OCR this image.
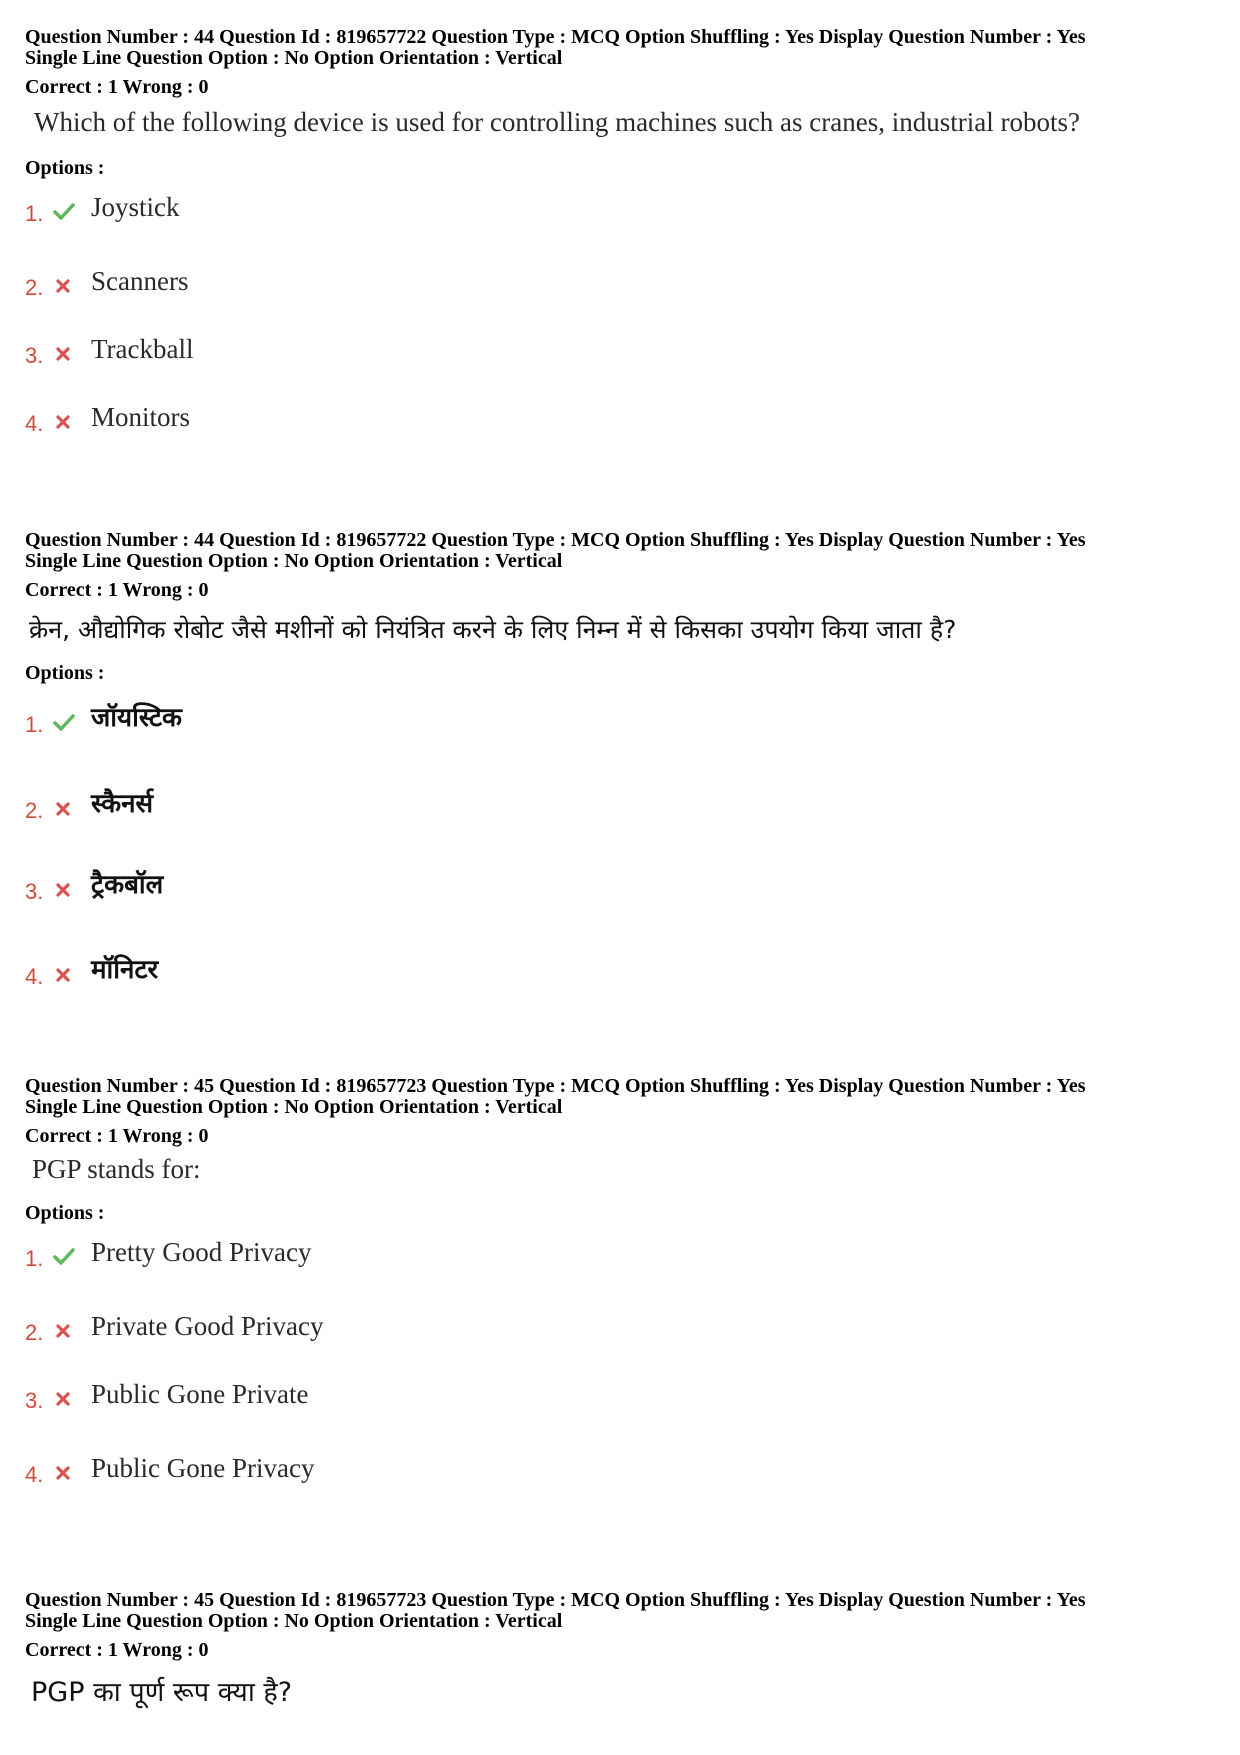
Question Number : 44 Question Id : 819657722 Question Type : MCQ Option Shuffling : Yes Display Question Number : Yes
Single Line Question Option : No Option Orientation : Vertical
Correct : 1 Wrong : 0
Which of the following device is used for controlling machines such as cranes, industrial robots?
Options :
1. Joystick
2. Scanners
3. Trackball
4. Monitors
Question Number : 44 Question Id : 819657722 Question Type : MCQ Option Shuffling : Yes Display Question Number : Yes
Single Line Question Option : No Option Orientation : Vertical
Correct : 1 Wrong : 0
क्रेन, औद्योगिक रोबोट जैसे मशीनों को नियंत्रित करने के लिए निम्न में से किसका उपयोग किया जाता है?
Options :
1. जॉयस्टिक
2. स्कैनर्स
3. ट्रैकबॉल
4. मॉनिटर
Question Number : 45 Question Id : 819657723 Question Type : MCQ Option Shuffling : Yes Display Question Number : Yes
Single Line Question Option : No Option Orientation : Vertical
Correct : 1 Wrong : 0
PGP stands for:
Options :
1. Pretty Good Privacy
2. Private Good Privacy
3. Public Gone Private
4. Public Gone Privacy
Question Number : 45 Question Id : 819657723 Question Type : MCQ Option Shuffling : Yes Display Question Number : Yes
Single Line Question Option : No Option Orientation : Vertical
Correct : 1 Wrong : 0
PGP का पूर्ण रूप क्या है?
